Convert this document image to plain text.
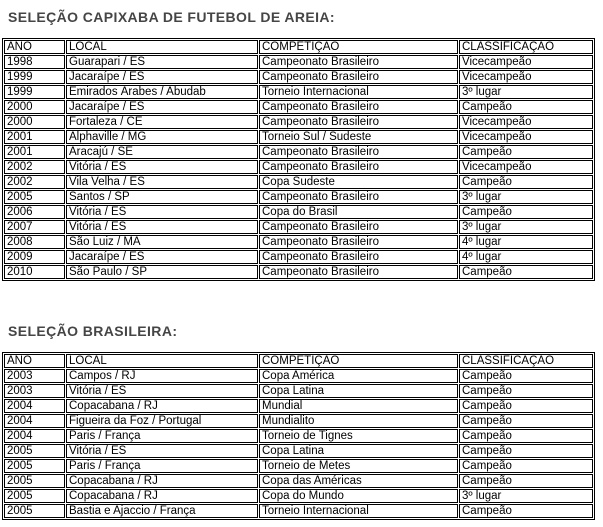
SELEÇÃO CAPIXABA DE FUTEBOL DE AREIA:
ANO	LOCAL	COMPETIÇÃO	CLASSIFICAÇÃO
1998	Guarapari / ES	Campeonato Brasileiro	Vicecampeão
1999	Jacaraípe / ES	Campeonato Brasileiro	Vicecampeão
1999	Emirados Árabes / Abudab	Torneio Internacional	3º lugar
2000	Jacaraípe / ES	Campeonato Brasileiro	Campeão
2000	Fortaleza / CE	Campeonato Brasileiro	Vicecampeão
2001	Alphaville / MG	Torneio Sul / Sudeste	Vicecampeão
2001	Aracajú / SE	Campeonato Brasileiro	Campeão
2002	Vitória / ES	Campeonato Brasileiro	Vicecampeão
2002	Vila Velha / ES	Copa Sudeste	Campeão
2005	Santos / SP	Campeonato Brasileiro	3º lugar
2006	Vitória / ES	Copa do Brasil	Campeão
2007	Vitória / ES	Campeonato Brasileiro	3º lugar
2008	São Luiz / MA	Campeonato Brasileiro	4º lugar
2009	Jacaraípe / ES	Campeonato Brasileiro	4º lugar
2010	São Paulo / SP	Campeonato Brasileiro	Campeão
SELEÇÃO BRASILEIRA:
ANO	LOCAL	COMPETIÇÃO	CLASSIFICAÇÃO
2003	Campos / RJ	Copa América	Campeão
2003	Vitória / ES	Copa Latina	Campeão
2004	Copacabana / RJ	Mundial	Campeão
2004	Figueira da Foz / Portugal	Mundialito	Campeão
2004	Paris / França	Torneio de Tignes	Campeão
2005	Vitória / ES	Copa Latina	Campeão
2005	Paris / França	Torneio de Metes	Campeão
2005	Copacabana / RJ	Copa das Américas	Campeão
2005	Copacabana / RJ	Copa do Mundo	3º lugar
2005	Bastia e Ajaccio / França	Torneio Internacional	Campeão
